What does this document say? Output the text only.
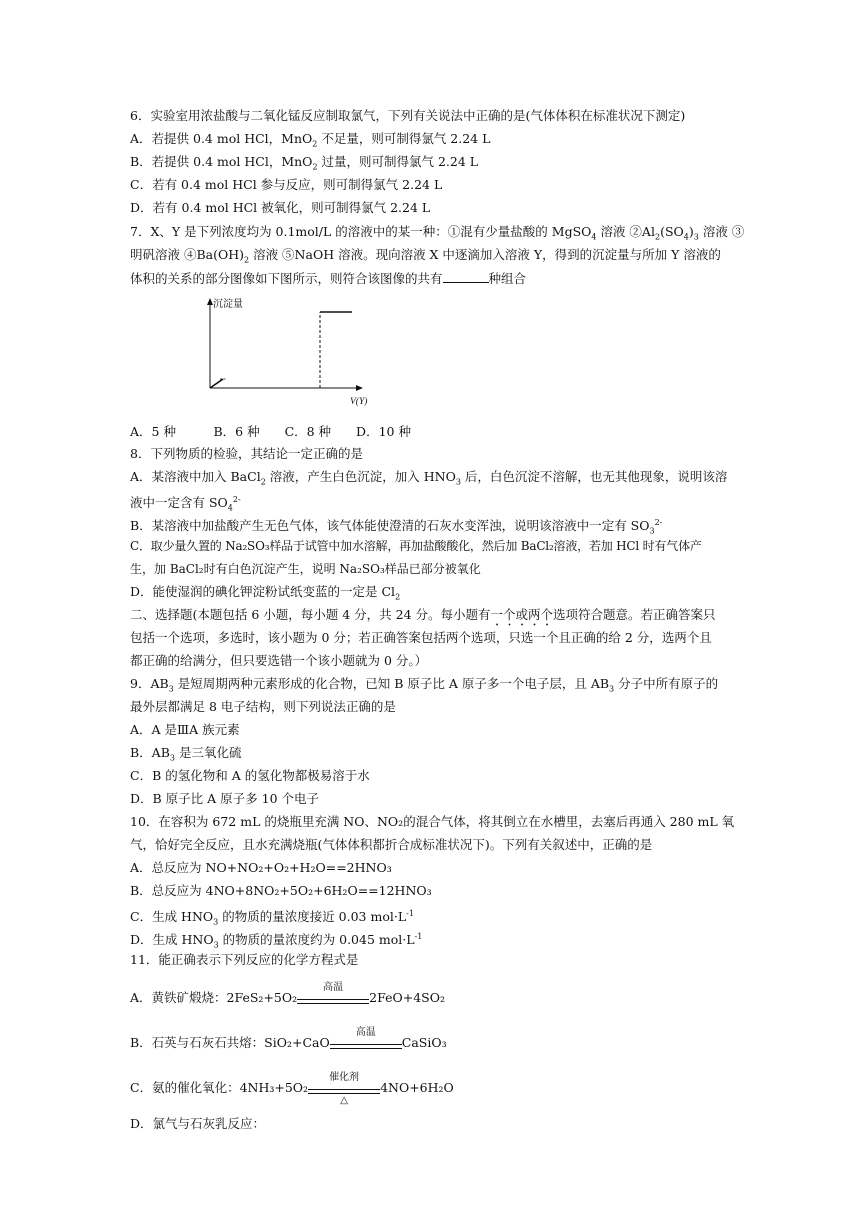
6．实验室用浓盐酸与二氧化锰反应制取氯气，下列有关说法中正确的是(气体体积在标准状况下测定)
A．若提供 0.4 mol HCl，MnO$_2$ 不足量，则可制得氯气 2.24 L
B．若提供 0.4 mol HCl，MnO$_2$ 过量，则可制得氯气 2.24 L
C．若有 0.4 mol HCl 参与反应，则可制得氯气 2.24 L
D．若有 0.4 mol HCl 被氧化，则可制得氯气 2.24 L
7．X、Y 是下列浓度均为 0.1mol/L 的溶液中的某一种：①混有少量盐酸的 MgSO$_4$ 溶液 $②Al_2(SO_4)_3$ 溶液 ③
明矾溶液 $④Ba(OH)_2$ 溶液 ⑤NaOH 溶液。现向溶液 X 中逐滴加入溶液 Y，得到的沉淀量与所加 Y 溶液的
体积的关系的部分图像如下图所示，则符合该图像的共有	种组合
沉淀量
V(Y)
A．5 种　　　B．6 种　　C．8 种　　D．10 种
8．下列物质的检验，其结论一定正确的是
A．某溶液中加入 BaCl$_2$ 溶液，产生白色沉淀，加入 $HNO_3$ 后，白色沉淀不溶解，也无其他现象，说明该溶
液中一定含有 $SO_4^{2-}$
B．某溶液中加盐酸产生无色气体，该气体能使澄清的石灰水变浑浊，说明该溶液中一定有 $SO_3^{2-}$
C．取少量久置的 Na₂SO₃样品于试管中加水溶解，再加盐酸酸化，然后加 BaCl₂溶液，若加 HCl 时有气体产
生，加 BaCl₂时有白色沉淀产生，说明 Na₂SO₃样品已部分被氧化
D．能使湿润的碘化钾淀粉试纸变蓝的一定是 $Cl_2$
二、选择题(本题包括 6 小题，每小题 4 分，共 24 分。每小题有一个或两个选项符合题意。若正确答案只
包括一个选项，多选时，该小题为 0 分；若正确答案包括两个选项，只选一个且正确的给 2 分，选两个且
都正确的给满分，但只要选错一个该小题就为 0 分。）
9．$AB_3$ 是短周期两种元素形成的化合物，已知 B 原子比 A 原子多一个电子层，且 $AB_3$ 分子中所有原子的
最外层都满足 8 电子结构，则下列说法正确的是
A．A 是ⅢA 族元素
B．$AB_3$ 是三氧化硫
C．B 的氢化物和 A 的氢化物都极易溶于水
D．B 原子比 A 原子多 10 个电子
10．在容积为 672 mL 的烧瓶里充满 NO、NO₂的混合气体，将其倒立在水槽里，去塞后再通入 280 mL 氧
气，恰好完全反应，且水充满烧瓶(气体体积都折合成标准状况下)。下列有关叙述中，正确的是
A．总反应为 NO+NO₂+O₂+H₂O==2HNO₃
B．总反应为 4NO+8NO₂+5O₂+6H₂O==12HNO₃
C．生成 $HNO_3$ 的物质的量浓度接近 0.03 $mol\cdot L^{-1}$
D．生成 $HNO_3$ 的物质的量浓度约为 0.045 $mol\cdot L^{-1}$
11．能正确表示下列反应的化学方程式是
A．黄铁矿煅烧：2FeS₂+5O₂
高温
2FeO+4SO₂
B．石英与石灰石共熔：SiO₂+CaO
高温
CaSiO₃
C．氨的催化氧化：4NH₃+5O₂
催化剂
△
4NO+6H₂O
D．氯气与石灰乳反应：
